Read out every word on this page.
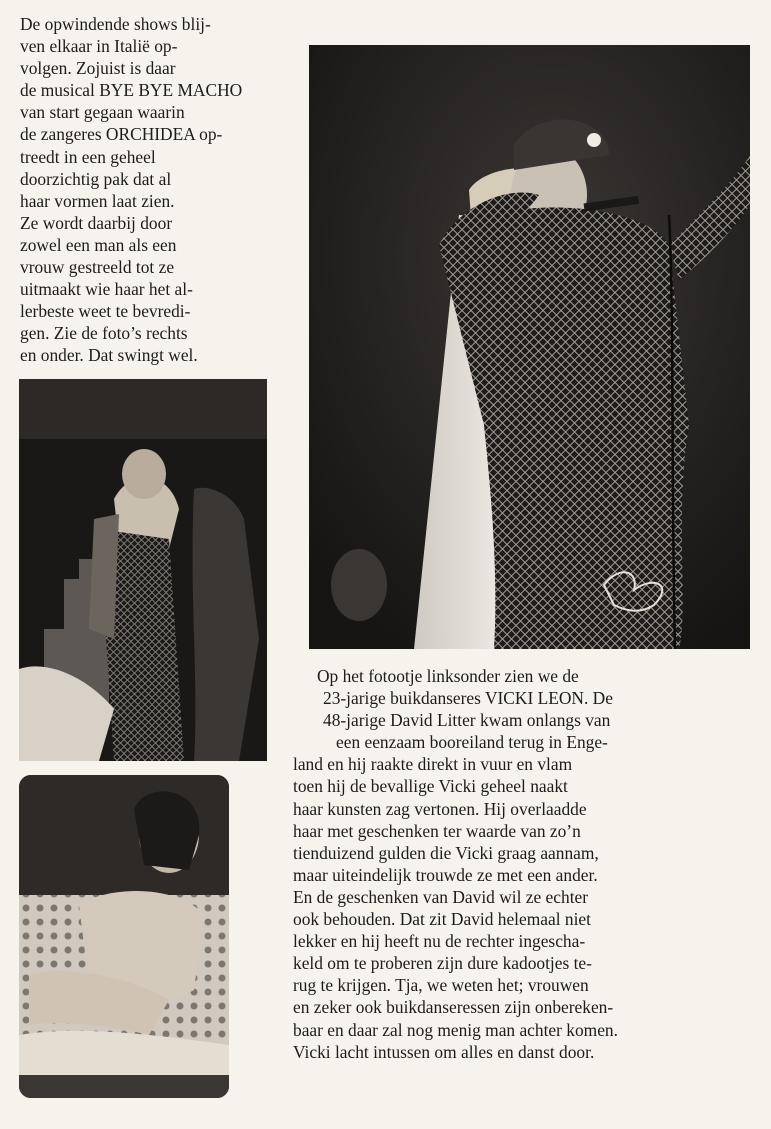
De opwindende shows blij-
ven elkaar in Italië op-
volgen. Zojuist is daar
de musical BYE BYE MACHO
van start gegaan waarin
de zangeres ORCHIDEA op-
treedt in een geheel
doorzichtig pak dat al
haar vormen laat zien.
Ze wordt daarbij door
zowel een man als een
vrouw gestreeld tot ze
uitmaakt wie haar het al-
lerbeste weet te bevredi-
gen. Zie de foto’s rechts
en onder. Dat swingt wel.
Op het fotootje linksonder zien we de
23-jarige buikdanseres VICKI LEON. De
48-jarige David Litter kwam onlangs van
een eenzaam booreiland terug in Enge-
land en hij raakte direkt in vuur en vlam
toen hij de bevallige Vicki geheel naakt
haar kunsten zag vertonen. Hij overlaadde
haar met geschenken ter waarde van zo’n
tienduizend gulden die Vicki graag aannam,
maar uiteindelijk trouwde ze met een ander.
En de geschenken van David wil ze echter
ook behouden. Dat zit David helemaal niet
lekker en hij heeft nu de rechter ingescha-
keld om te proberen zijn dure kadootjes te-
rug te krijgen. Tja, we weten het; vrouwen
en zeker ook buikdanseressen zijn onbereken-
baar en daar zal nog menig man achter komen.
Vicki lacht intussen om alles en danst door.
